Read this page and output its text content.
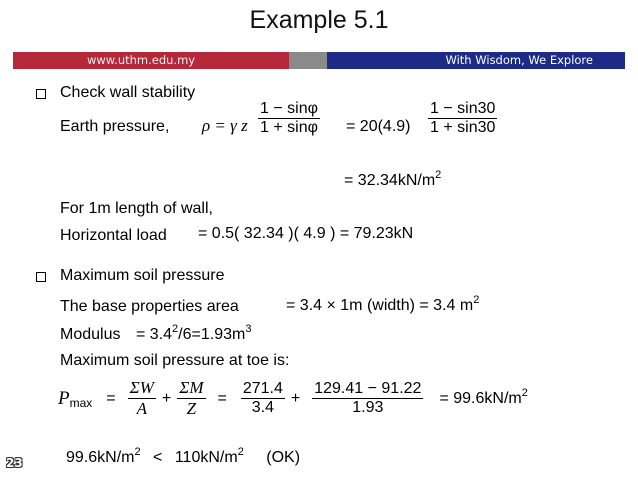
Example 5.1
www.uthm.edu.my	With Wisdom, We Explore
Check wall stability
Earth pressure, ρ = γ z $\frac{1 - \sin\varphi}{1 + \sin\varphi} = 20(4.9) \frac{1 - \sin 30}{1 + \sin 30}$
= $32.34kN/m^2$
For 1m length of wall,
Horizontal load = 0.5( 32.34 )( 4.9 ) = 79.23kN
Maximum soil pressure
The base properties area	= 3.4 × 1m (width) = 3.4 $m^2$
Modulus = $3.4^2/6=1.93m^3$
Maximum soil pressure at toe is:
$P_{max} = \frac{\Sigma W}{A} + \frac{\Sigma M}{Z} = \frac{271.4}{3.4} + \frac{129.41 - 91.22}{1.93} = 99.6kN/m^2$
$99.6kN/m^2 < 110kN/m^2$ (OK)
23
